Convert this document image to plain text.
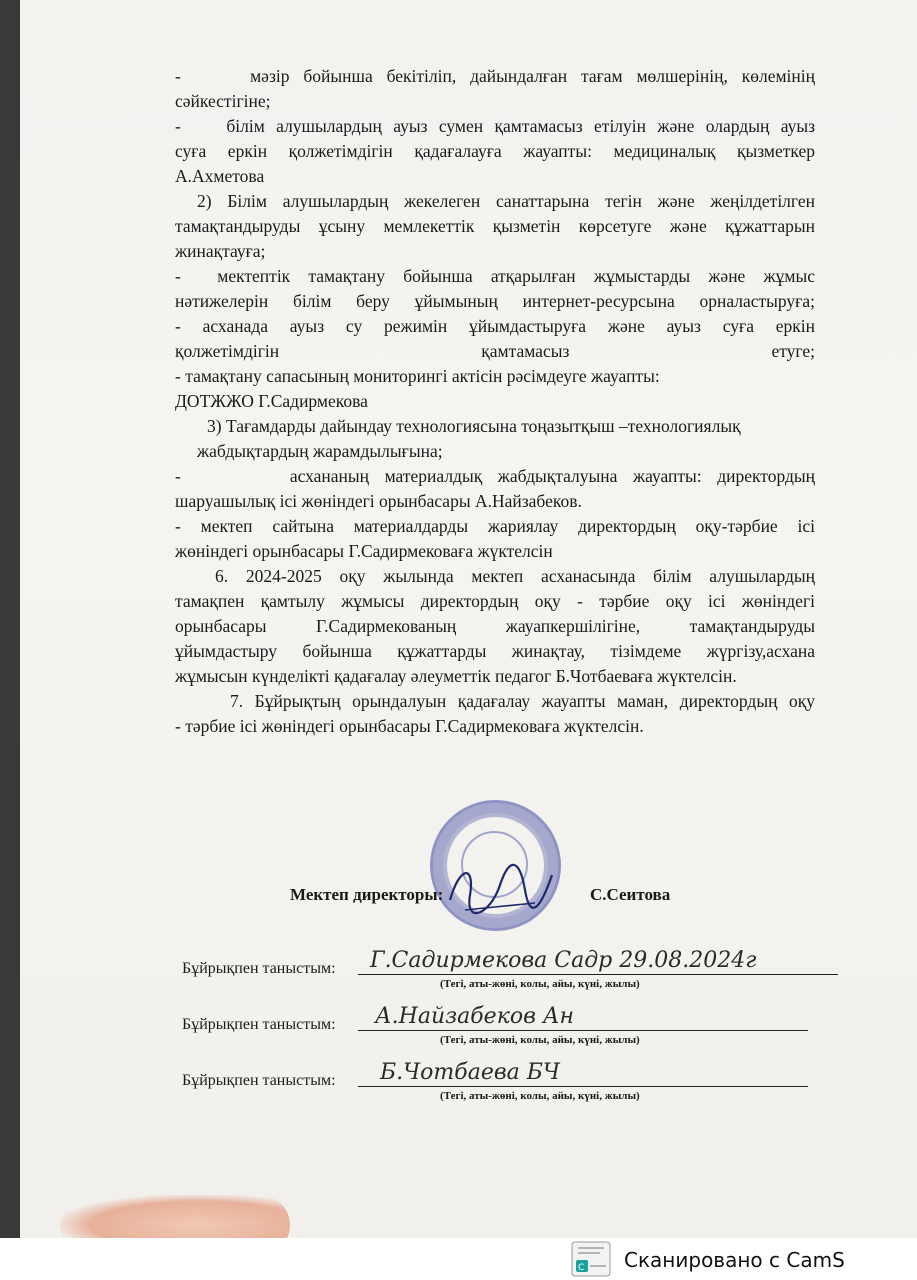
-     мәзір бойынша бекітіліп, дайындалған тағам мөлшерінің, көлемінің
сәйкестігіне;
-    білім алушылардың ауыз сумен қамтамасыз етілуін және олардың ауыз
суға еркін қолжетімдігін қадағалауға жауапты: медициналық қызметкер
А.Ахметова
2) Білім алушылардың жекелеген санаттарына тегін және жеңілдетілген
тамақтандыруды ұсыну мемлекеттік қызметін көрсетуге және құжаттарын
жинақтауға;
-  мектептік тамақтану бойынша атқарылған жұмыстарды және жұмыс
нәтижелерін білім беру ұйымының интернет-ресурсына орналастыруға;
- асханада ауыз су режимін ұйымдастыруға және ауыз суға еркін
қолжетімдігін қамтамасыз етуге;
- тамақтану сапасының мониторингі актісін рәсімдеуге жауапты:
ДОТЖЖО Г.Садирмекова
3) Тағамдарды дайындау технологиясына тоңазытқыш –технологиялық
жабдықтардың жарамдылығына;
-       асхананың материалдық жабдықталуына жауапты: директордың
шаруашылық ісі жөніндегі орынбасары А.Найзабеков.
- мектеп сайтына материалдарды жариялау директордың оқу-тәрбие ісі
жөніндегі орынбасары Г.Садирмековаға жүктелсін
6. 2024-2025 оқу жылында мектеп асханасында білім алушылардың
тамақпен қамтылу жұмысы директордың оқу - тәрбие оқу ісі жөніндегі
орынбасары Г.Садирмекованың жауапкершілігіне, тамақтандыруды
ұйымдастыру бойынша құжаттарды жинақтау, тізімдеме жүргізу,асхана
жұмысын күнделікті қадағалау әлеуметтік педагог Б.Чотбаеваға жүктелсін.
7. Бұйрықтың орындалуын қадағалау жауапты маман, директордың оқу
- тәрбие ісі жөніндегі орынбасары Г.Садирмековаға жүктелсін.
Мектеп директоры:	С.Сеитова
Бұйрықпен таныстым: Г.Садирмекова Садр 29.08.2024г
(Тегі, аты-жөні, колы, айы, күні, жылы)
Бұйрықпен таныстым: А.Найзабеков Ан
(Тегі, аты-жөні, колы, айы, күні, жылы)
Бұйрықпен таныстым: Б.Чотбаева БЧ
(Тегі, аты-жөні, колы, айы, күні, жылы)
C Сканировано с CamS
